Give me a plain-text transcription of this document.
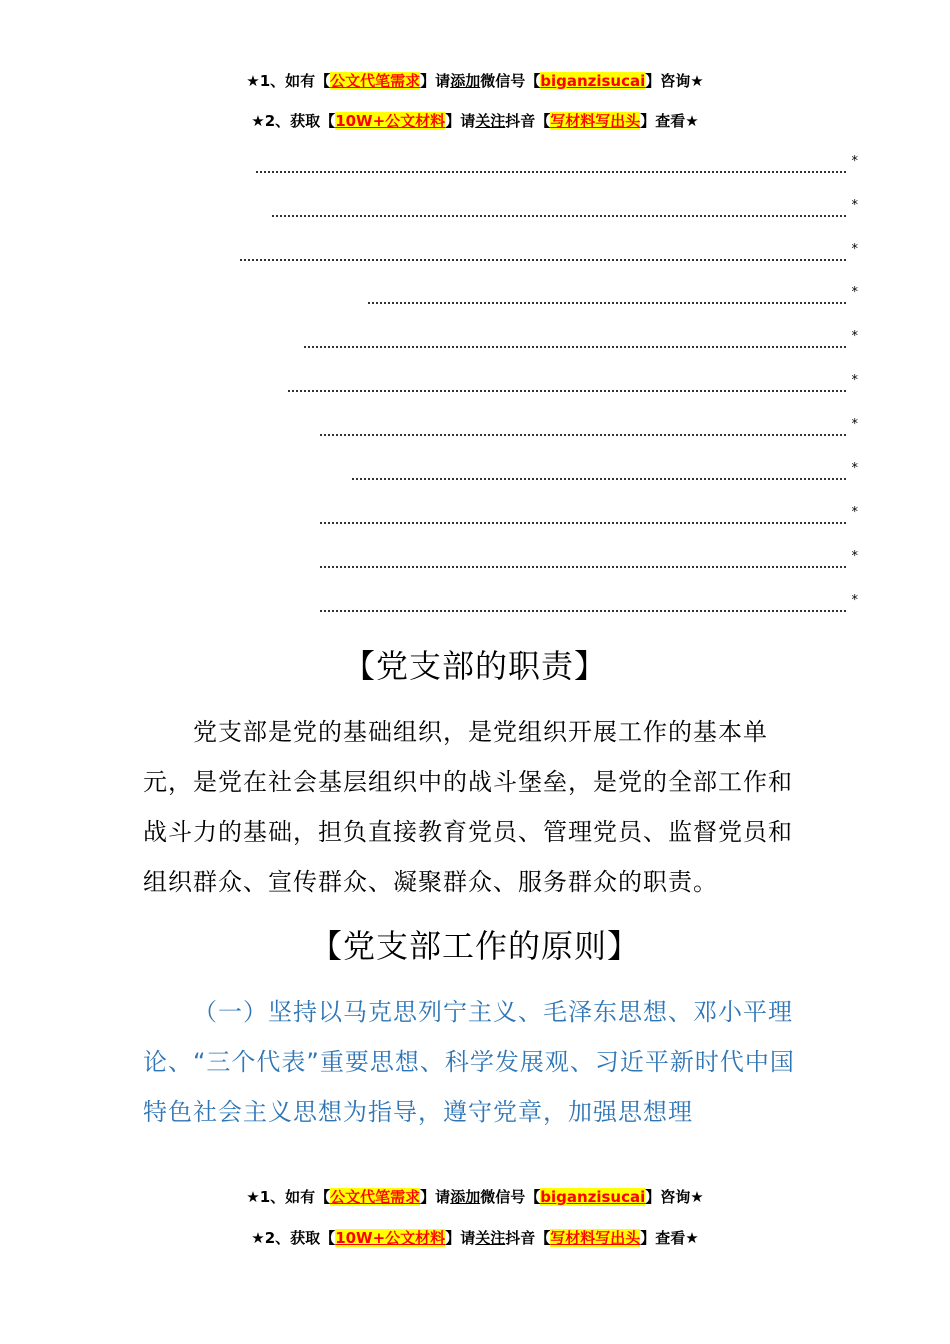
★1、如有【公文代笔需求】请添加微信号【biganzisucai】咨询★
★2、获取【10W+公文材料】请关注抖音【写材料写出头】查看★
*
*
*
*
*
*
*
*
*
*
*
【党支部的职责】

党支部是党的基础组织，是党组织开展工作的基本单元，是党在社会基层组织中的战斗堡垒，是党的全部工作和战斗力的基础，担负直接教育党员、管理党员、监督党员和组织群众、宣传群众、凝聚群众、服务群众的职责。

【党支部工作的原则】

（一）坚持以马克思列宁主义、毛泽东思想、邓小平理论、“三个代表”重要思想、科学发展观、习近平新时代中国特色社会主义思想为指导，遵守党章，加强思想理

★1、如有【公文代笔需求】请添加微信号【biganzisucai】咨询★
★2、获取【10W+公文材料】请关注抖音【写材料写出头】查看★
